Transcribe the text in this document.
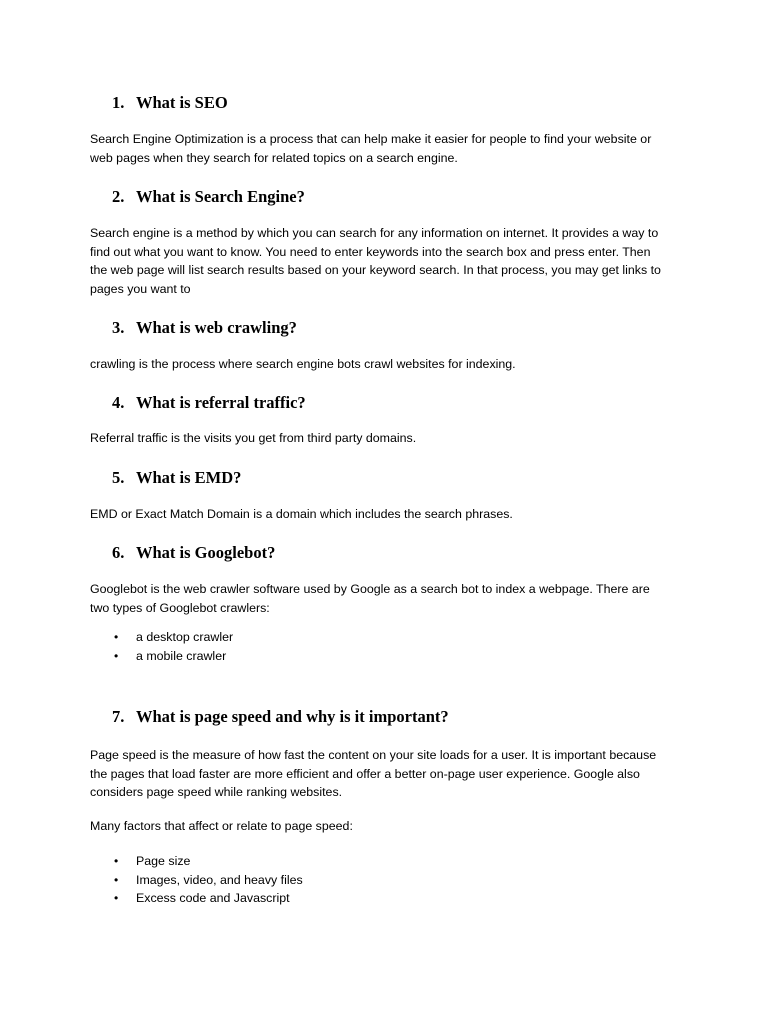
1. What is SEO
Search Engine Optimization is a process that can help make it easier for people to find your website or
web pages when they search for related topics on a search engine.
2. What is Search Engine?
Search engine is a method by which you can search for any information on internet. It provides a way to
find out what you want to know. You need to enter keywords into the search box and press enter. Then
the web page will list search results based on your keyword search. In that process, you may get links to
pages you want to
3. What is web crawling?
crawling is the process where search engine bots crawl websites for indexing.
4. What is referral traffic?
Referral traffic is the visits you get from third party domains.
5. What is EMD?
EMD or Exact Match Domain is a domain which includes the search phrases.
6. What is Googlebot?
Googlebot is the web crawler software used by Google as a search bot to index a webpage. There are
two types of Googlebot crawlers:
• a desktop crawler
• a mobile crawler
7. What is page speed and why is it important?
Page speed is the measure of how fast the content on your site loads for a user. It is important because
the pages that load faster are more efficient and offer a better on-page user experience. Google also
considers page speed while ranking websites.
Many factors that affect or relate to page speed:
• Page size
• Images, video, and heavy files
• Excess code and Javascript
